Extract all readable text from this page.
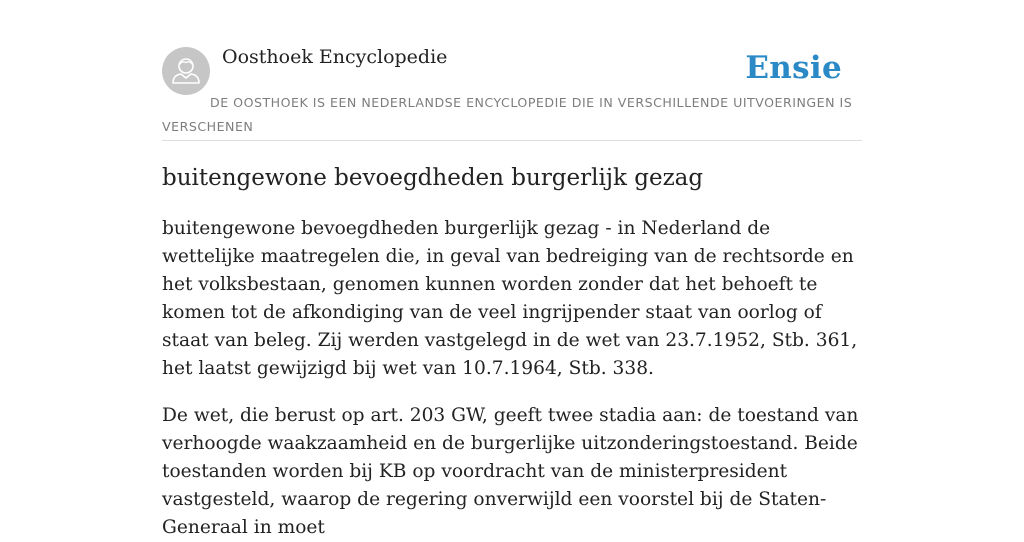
Oosthoek Encyclopedie	Ensie
DE OOSTHOEK IS EEN NEDERLANDSE ENCYCLOPEDIE DIE IN VERSCHILLENDE UITVOERINGEN IS VERSCHENEN
buitengewone bevoegdheden burgerlijk gezag

buitengewone bevoegdheden burgerlijk gezag - in Nederland de wettelijke maatregelen die, in geval van bedreiging van de rechtsorde en het volksbestaan, genomen kunnen worden zonder dat het behoeft te komen tot de afkondiging van de veel ingrijpender staat van oorlog of staat van beleg. Zij werden vastgelegd in de wet van 23.7.1952, Stb. 361, het laatst gewijzigd bij wet van 10.7.1964, Stb. 338.

De wet, die berust op art. 203 GW, geeft twee stadia aan: de toestand van verhoogde waakzaamheid en de burgerlijke uitzonderingstoestand. Beide toestanden worden bij KB op voordracht van de ministerpresident vastgesteld, waarop de regering onverwijld een voorstel bij de Staten-Generaal in moet
